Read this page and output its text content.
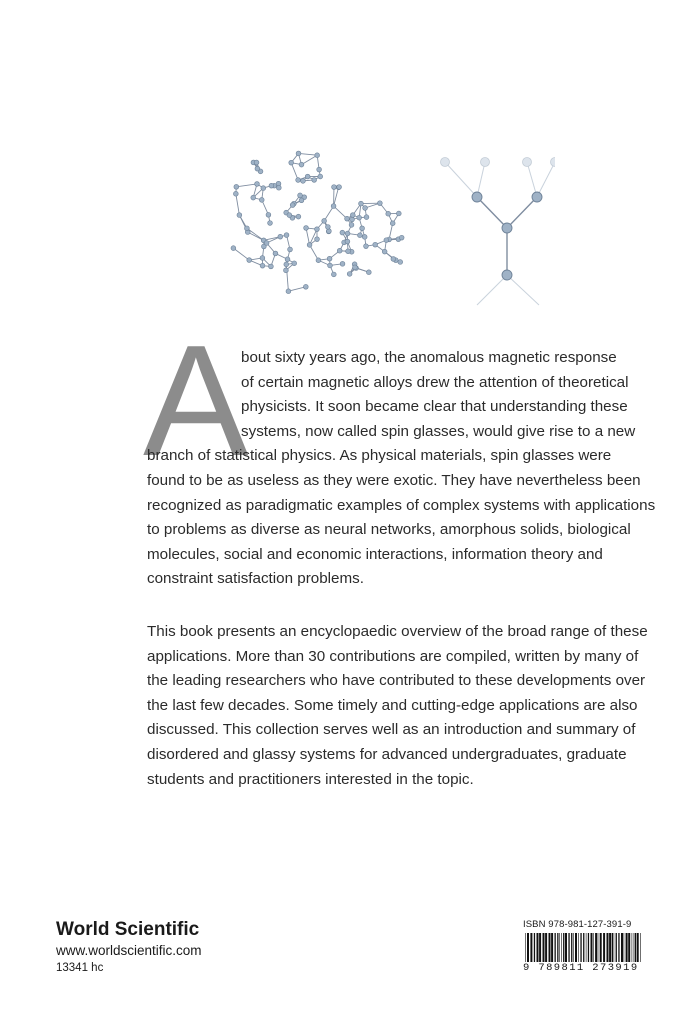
A
bout sixty years ago, the anomalous magnetic response
of certain magnetic alloys drew the attention of theoretical
physicists. It soon became clear that understanding these
systems, now called spin glasses, would give rise to a new
branch of statistical physics. As physical materials, spin glasses were
found to be as useless as they were exotic. They have nevertheless been
recognized as paradigmatic examples of complex systems with applications
to problems as diverse as neural networks, amorphous solids, biological
molecules, social and economic interactions, information theory and
constraint satisfaction problems.
This book presents an encyclopaedic overview of the broad range of these
applications. More than 30 contributions are compiled, written by many of
the leading researchers who have contributed to these developments over
the last few decades. Some timely and cutting-edge applications are also
discussed. This collection serves well as an introduction and summary of
disordered and glassy systems for advanced undergraduates, graduate
students and practitioners interested in the topic.

World Scientific

www.worldscientific.com

13341 hc

ISBN 978-981-127-391-9

9 789811 273919
